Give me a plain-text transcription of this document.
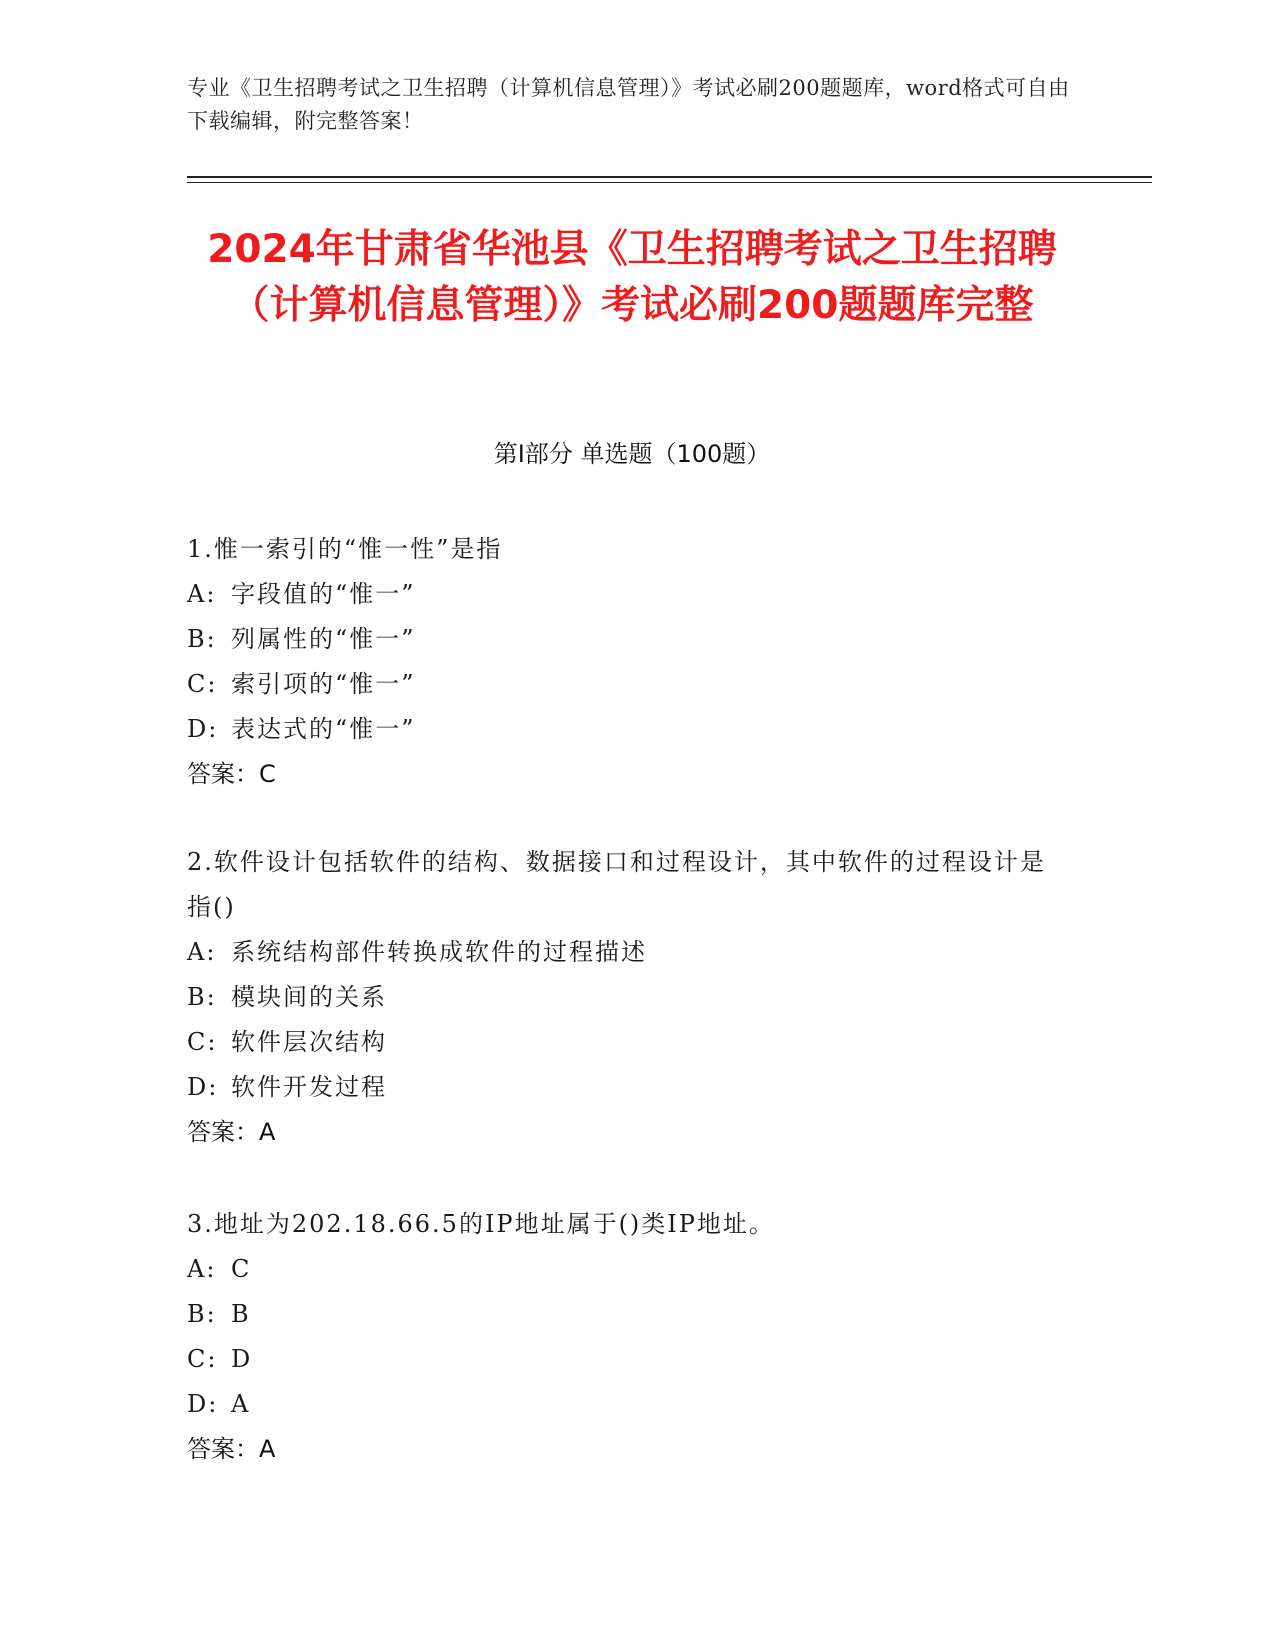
专业《卫生招聘考试之卫生招聘（计算机信息管理）》考试必刷200题题库，word格式可自由下载编辑，附完整答案！
2024年甘肃省华池县《卫生招聘考试之卫生招聘（计算机信息管理）》考试必刷200题题库完整
第Ⅰ部分 单选题（100题）
1.惟一索引的“惟一性”是指
A: 字段值的“惟一”
B: 列属性的“惟一”
C: 索引项的“惟一”
D: 表达式的“惟一”
答案：C
2.软件设计包括软件的结构、数据接口和过程设计，其中软件的过程设计是指()
A: 系统结构部件转换成软件的过程描述
B: 模块间的关系
C: 软件层次结构
D: 软件开发过程
答案：A
3.地址为202.18.66.5的IP地址属于()类IP地址。
A: C
B: B
C: D
D: A
答案：A
